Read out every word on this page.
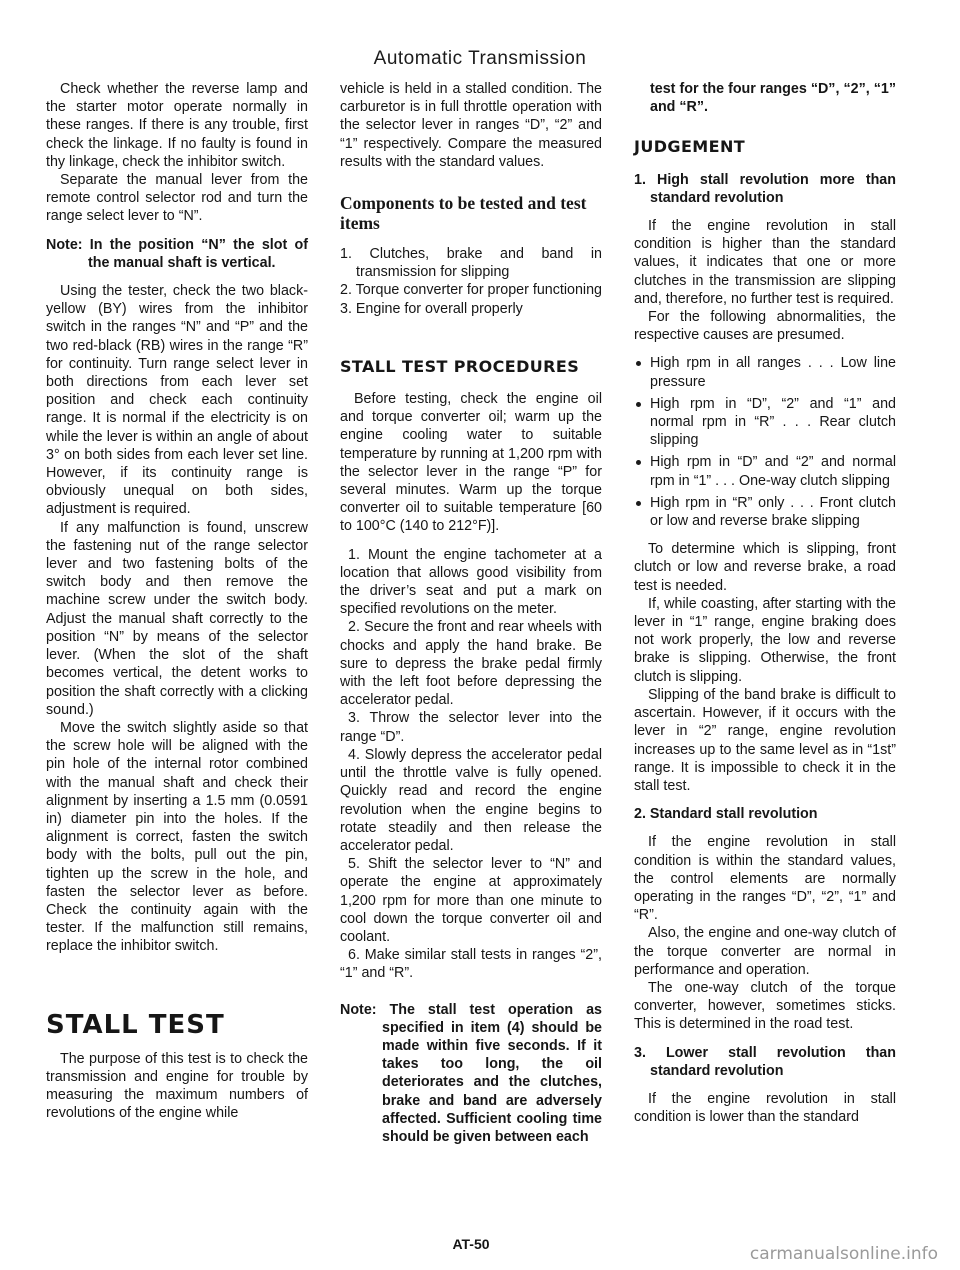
Automatic Transmission

Check whether the reverse lamp and the starter motor operate normally in these ranges. If there is any trouble, first check the linkage. If no faulty is found in thy linkage, check the inhibitor switch.

Separate the manual lever from the remote control selector rod and turn the range select lever to “N”.

Note: In the position “N” the slot of the manual shaft is vertical.

Using the tester, check the two black-yellow (BY) wires from the inhibitor switch in the ranges “N” and “P” and the two red-black (RB) wires in the range “R” for continuity. Turn range select lever in both directions from each lever set position and check each continuity range. It is normal if the electricity is on while the lever is within an angle of about 3° on both sides from each lever set line. However, if its continuity range is obviously unequal on both sides, adjustment is required.

If any malfunction is found, unscrew the fastening nut of the range selector lever and two fastening bolts of the switch body and then remove the machine screw under the switch body. Adjust the manual shaft correctly to the position “N” by means of the selector lever. (When the slot of the shaft becomes vertical, the detent works to position the shaft correctly with a clicking sound.)

Move the switch slightly aside so that the screw hole will be aligned with the pin hole of the internal rotor combined with the manual shaft and check their alignment by inserting a 1.5 mm (0.0591 in) diameter pin into the holes. If the alignment is correct, fasten the switch body with the bolts, pull out the pin, tighten up the screw in the hole, and fasten the selector lever as before. Check the continuity again with the tester. If the malfunction still remains, replace the inhibitor switch.

STALL TEST

The purpose of this test is to check the transmission and engine for trouble by measuring the maximum numbers of revolutions of the engine while

vehicle is held in a stalled condition. The carburetor is in full throttle operation with the selector lever in ranges “D”, “2” and “1” respectively. Compare the measured results with the standard values.

Components to be tested and test items
1. Clutches, brake and band in transmission for slipping
2. Torque converter for proper functioning
3. Engine for overall properly
STALL TEST PROCEDURES

Before testing, check the engine oil and torque converter oil; warm up the engine cooling water to suitable temperature by running at 1,200 rpm with the selector lever in the range “P” for several minutes. Warm up the torque converter oil to suitable temperature [60 to 100°C (140 to 212°F)].

1. Mount the engine tachometer at a location that allows good visibility from the driver’s seat and put a mark on specified revolutions on the meter.

2. Secure the front and rear wheels with chocks and apply the hand brake. Be sure to depress the brake pedal firmly with the left foot before depressing the accelerator pedal.

3. Throw the selector lever into the range “D”.

4. Slowly depress the accelerator pedal until the throttle valve is fully opened. Quickly read and record the engine revolution when the engine begins to rotate steadily and then release the accelerator pedal.

5. Shift the selector lever to “N” and operate the engine at approximately 1,200 rpm for more than one minute to cool down the torque converter oil and coolant.

6. Make similar stall tests in ranges “2”, “1” and “R”.

Note: The stall test operation as specified in item (4) should be made within five seconds. If it takes too long, the oil deteriorates and the clutches, brake and band are adversely affected. Sufficient cooling time should be given between each

test for the four ranges “D”, “2”, “1” and “R”.

JUDGEMENT

1. High stall revolution more than standard revolution

If the engine revolution in stall condition is higher than the standard values, it indicates that one or more clutches in the transmission are slipping and, therefore, no further test is required.

For the following abnormalities, the respective causes are presumed.

High rpm in all ranges . . . Low line pressure
High rpm in “D”, “2” and “1” and normal rpm in “R” . . . Rear clutch slipping
High rpm in “D” and “2” and normal rpm in “1” . . . One-way clutch slipping
High rpm in “R” only . . . Front clutch or low and reverse brake slipping

To determine which is slipping, front clutch or low and reverse brake, a road test is needed.

If, while coasting, after starting with the lever in “1” range, engine braking does not work properly, the low and reverse brake is slipping. Otherwise, the front clutch is slipping.

Slipping of the band brake is difficult to ascertain. However, if it occurs with the lever in “2” range, engine revolution increases up to the same level as in “1st” range. It is impossible to check it in the stall test.

2. Standard stall revolution

If the engine revolution in stall condition is within the standard values, the control elements are normally operating in the ranges “D”, “2”, “1” and “R”.

Also, the engine and one-way clutch of the torque converter are normal in performance and operation.

The one-way clutch of the torque converter, however, sometimes sticks. This is determined in the road test.

3. Lower stall revolution than standard revolution

If the engine revolution in stall condition is lower than the standard

AT-50	carmanualsonline.info
